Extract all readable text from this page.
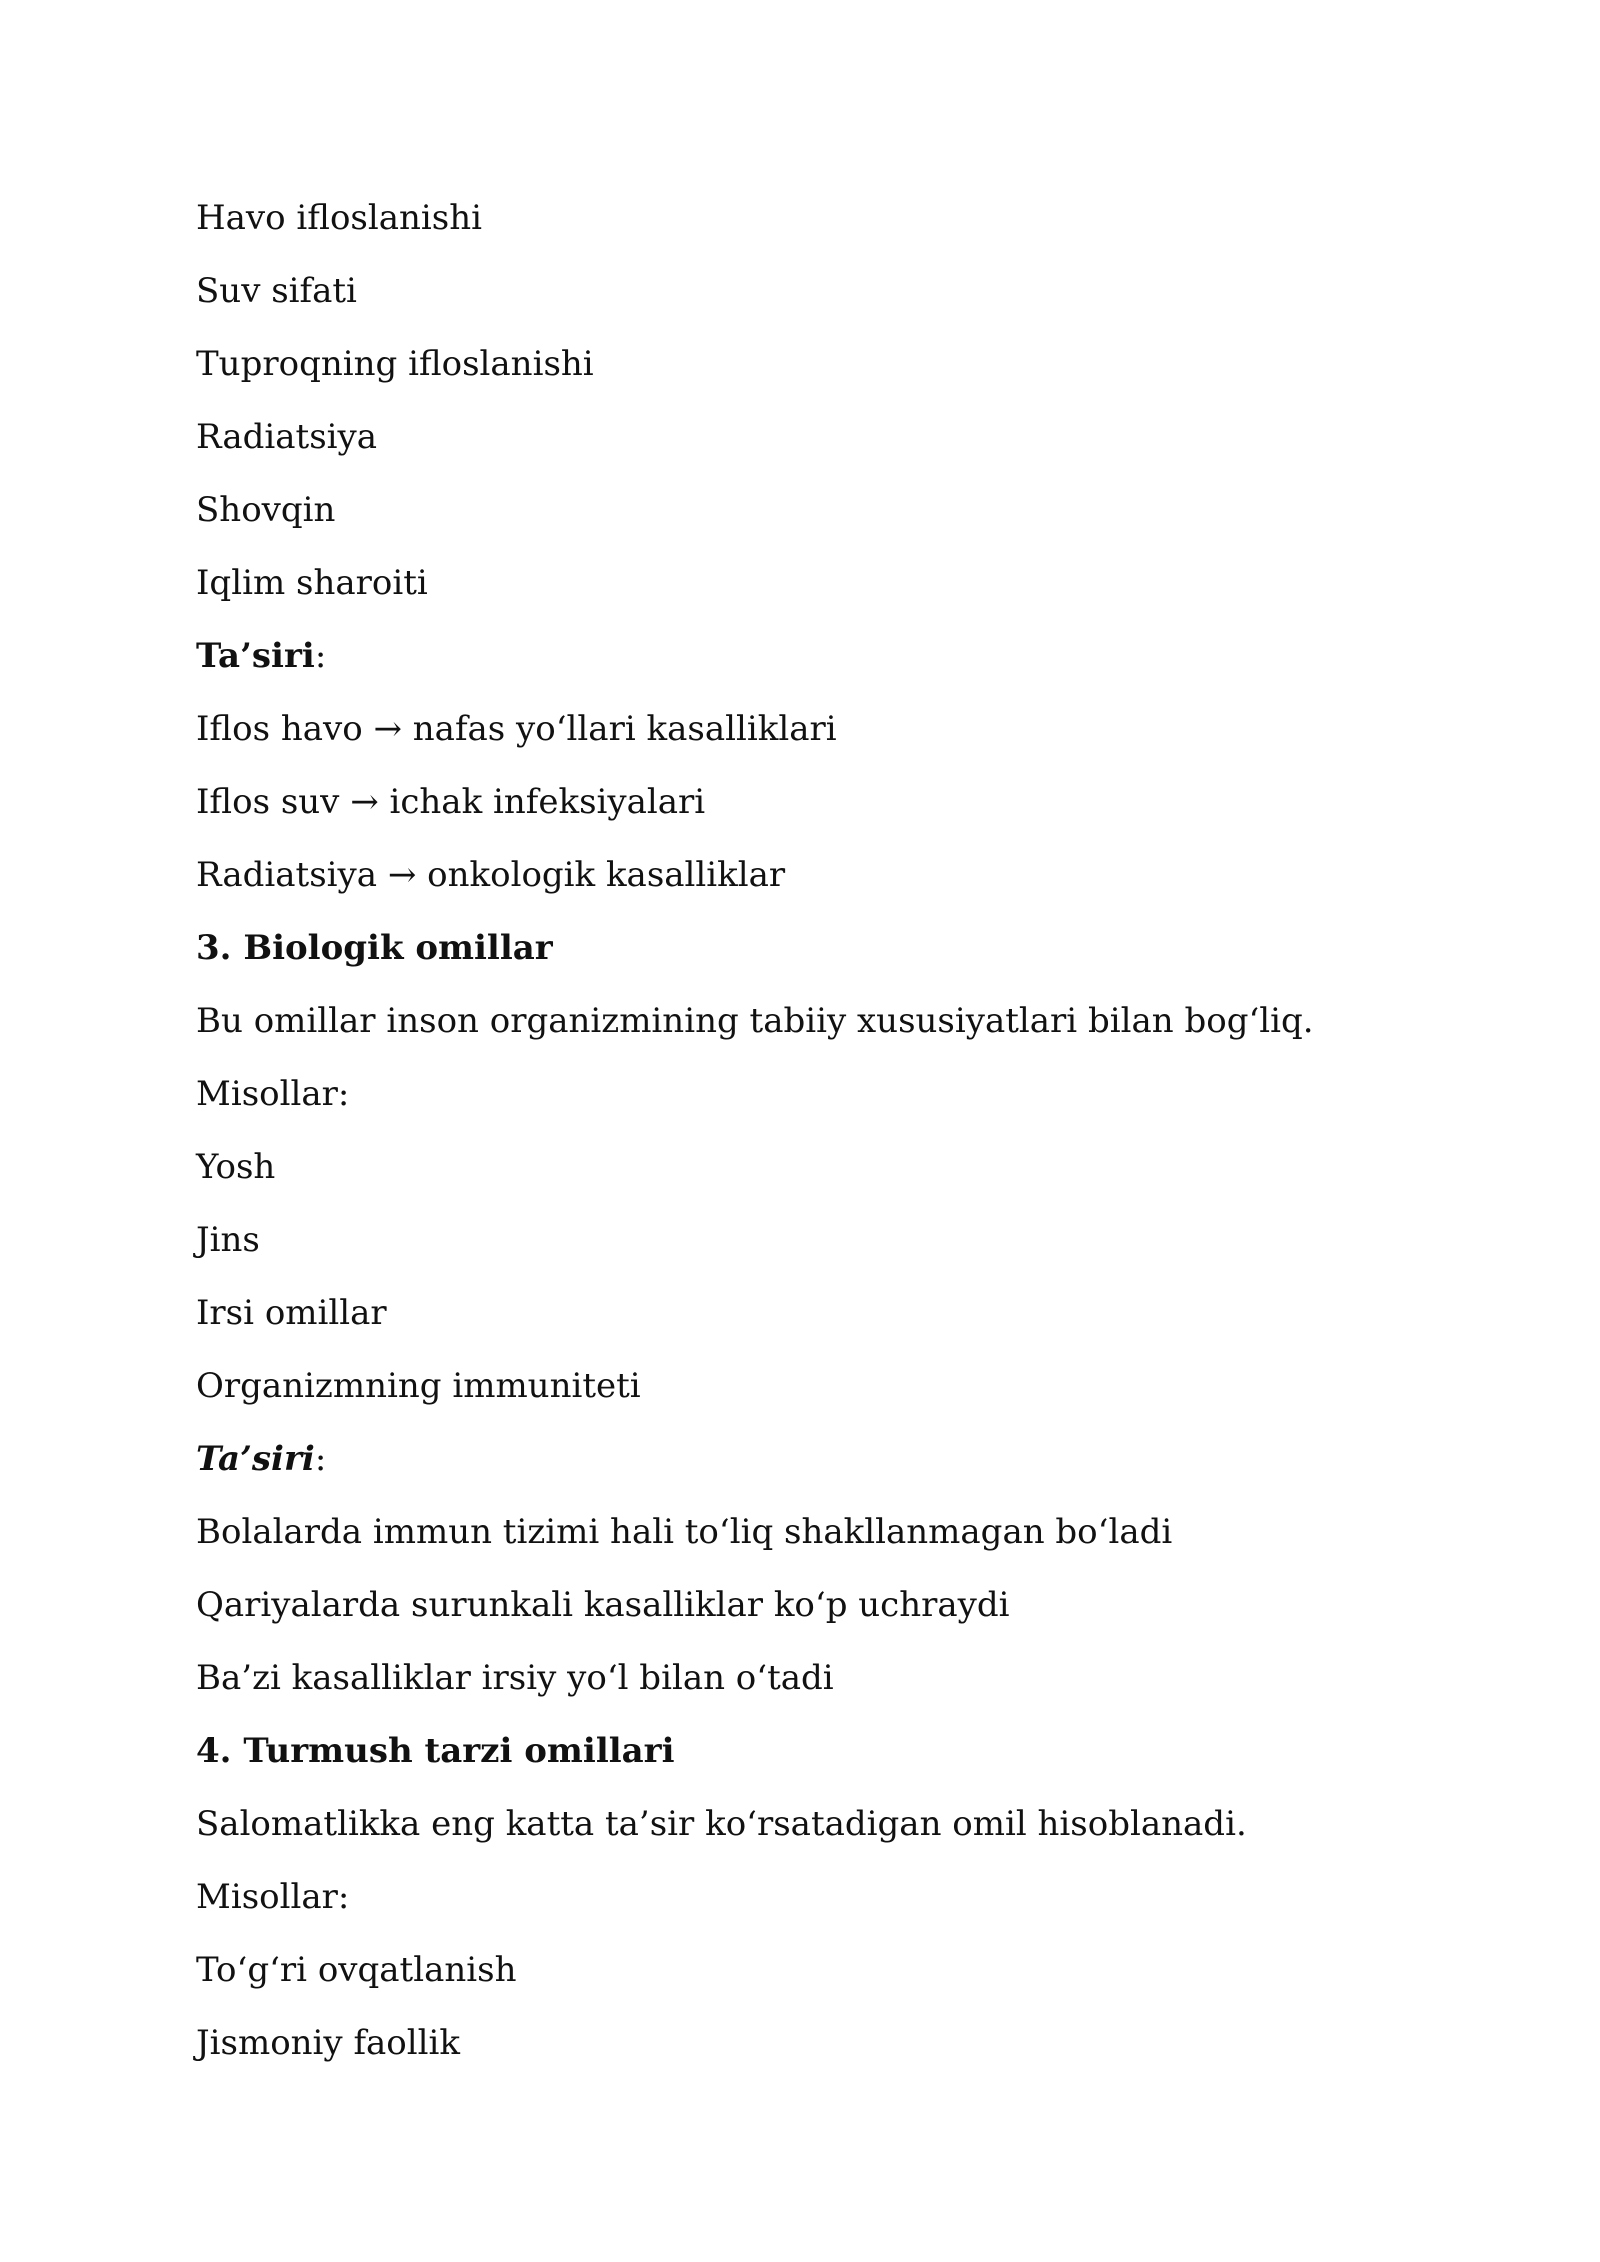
Havo ifloslanishi
Suv sifati
Tuproqning ifloslanishi
Radiatsiya
Shovqin
Iqlim sharoiti
Ta’siri:
Iflos havo → nafas yo‘llari kasalliklari
Iflos suv → ichak infeksiyalari
Radiatsiya → onkologik kasalliklar
3. Biologik omillar
Bu omillar inson organizmining tabiiy xususiyatlari bilan bog‘liq.
Misollar:
Yosh
Jins
Irsi omillar
Organizmning immuniteti
Ta’siri:
Bolalarda immun tizimi hali to‘liq shakllanmagan bo‘ladi
Qariyalarda surunkali kasalliklar ko‘p uchraydi
Ba’zi kasalliklar irsiy yo‘l bilan o‘tadi
4. Turmush tarzi omillari
Salomatlikka eng katta ta’sir ko‘rsatadigan omil hisoblanadi.
Misollar:
To‘g‘ri ovqatlanish
Jismoniy faollik
